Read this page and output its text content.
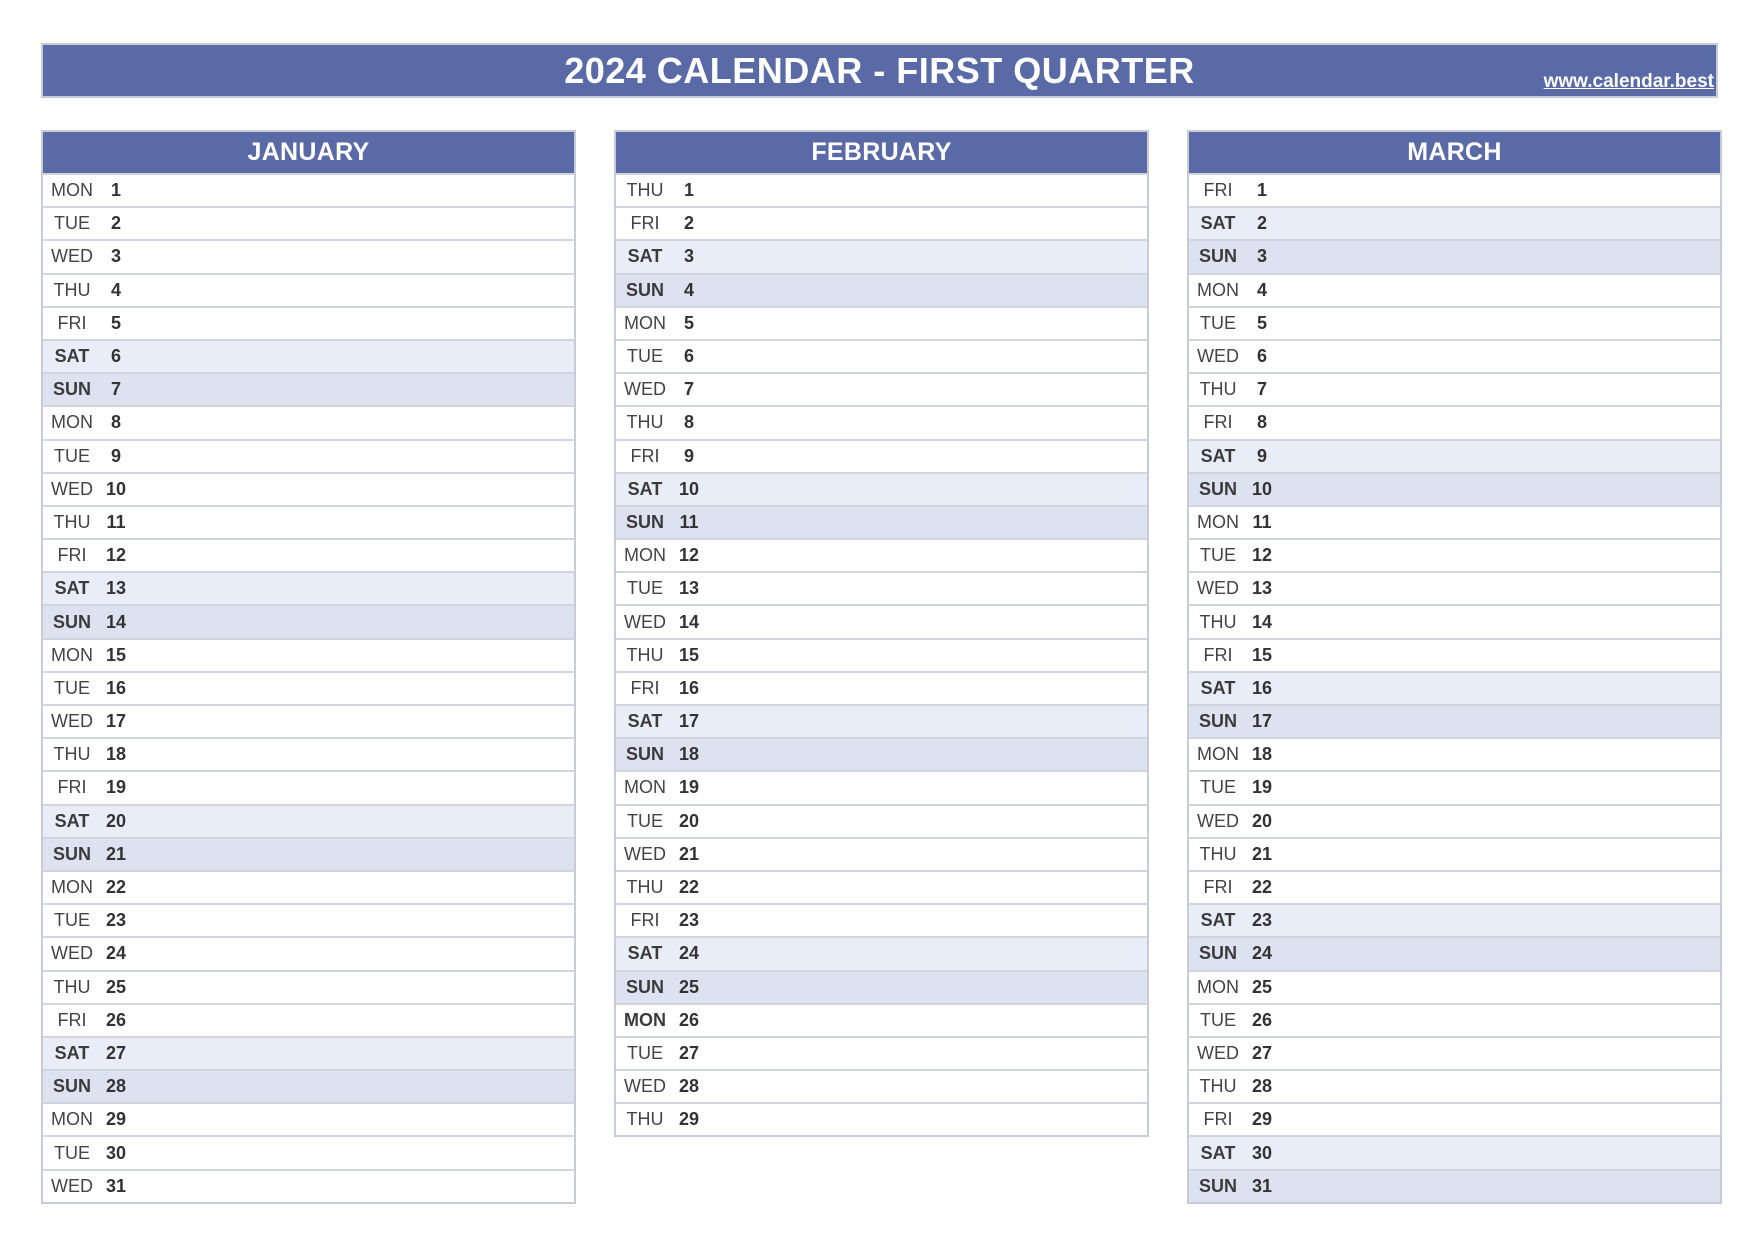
2024 CALENDAR - FIRST QUARTER	www.calendar.best
JANUARY
MON 1
TUE	2
WED 3
THU	4
FRI	5
SAT	6
SUN	7
MON 8
TUE	9
WED 10
THU 11
FRI	12
SAT 13
SUN 14
MON 15
TUE 16
WED 17
THU 18
FRI	19
SAT 20
SUN 21
MON 22
TUE 23
WED 24
THU 25
FRI	26
SAT 27
SUN 28
MON 29
TUE 30
WED 31
FEBRUARY
THU	1
FRI	2
SAT	3
SUN	4
MON 5
TUE	6
WED 7
THU	8
FRI	9
SAT 10
SUN 11
MON 12
TUE 13
WED 14
THU 15
FRI	16
SAT 17
SUN 18
MON 19
TUE 20
WED 21
THU 22
FRI	23
SAT 24
SUN 25
MON 26
TUE 27
WED 28
THU 29
MARCH
FRI	1
SAT	2
SUN	3
MON 4
TUE	5
WED 6
THU	7
FRI	8
SAT	9
SUN 10
MON 11
TUE 12
WED 13
THU 14
FRI	15
SAT 16
SUN 17
MON 18
TUE 19
WED 20
THU 21
FRI	22
SAT 23
SUN 24
MON 25
TUE 26
WED 27
THU 28
FRI	29
SAT 30
SUN 31
